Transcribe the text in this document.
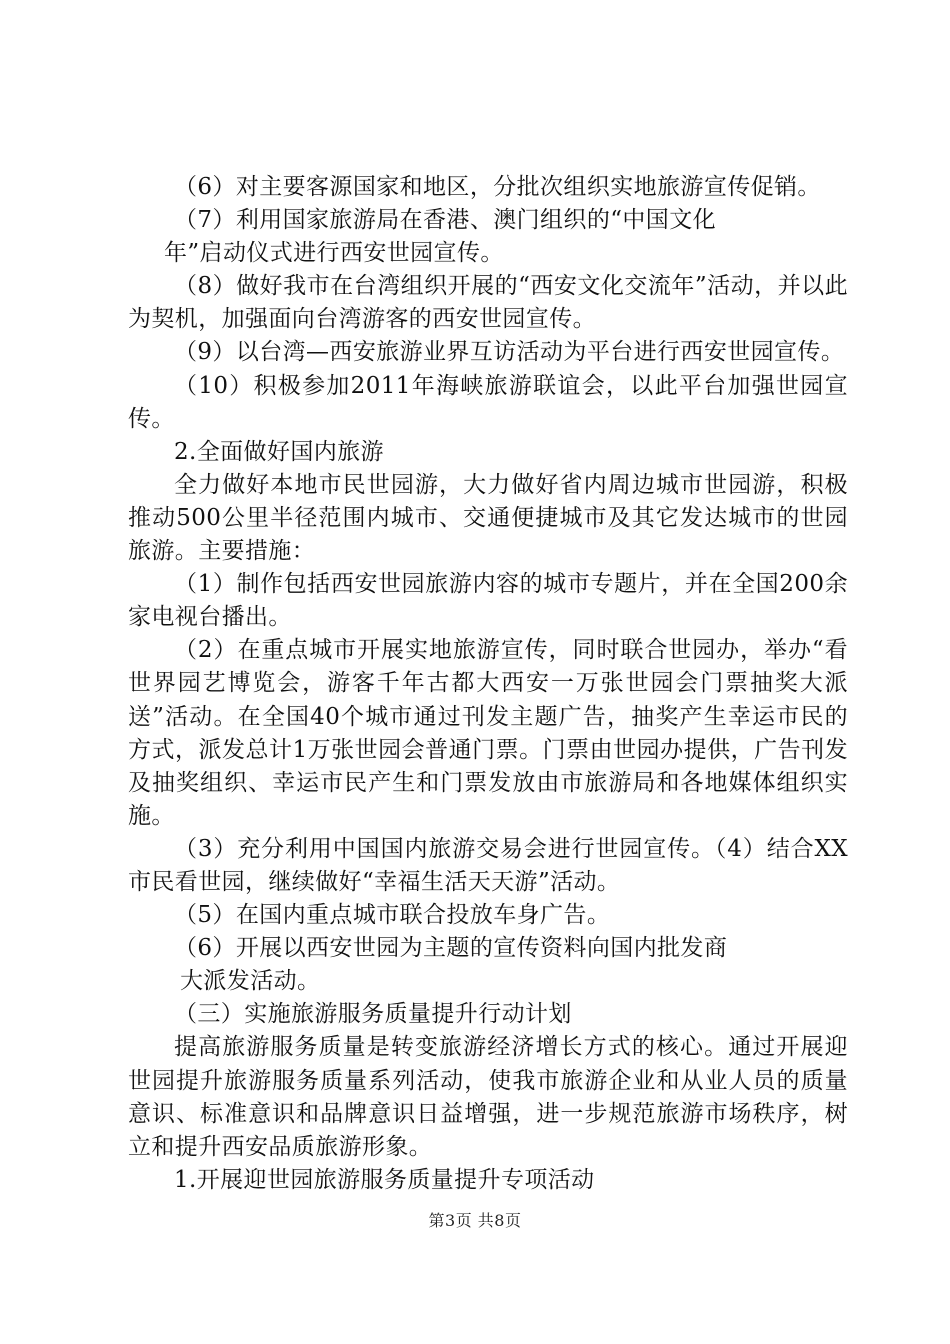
（6）对主要客源国家和地区，分批次组织实地旅游宣传促销。

（7）利用国家旅游局在香港、澳门组织的“中国文化

年”启动仪式进行西安世园宣传。

（8）做好我市在台湾组织开展的“西安文化交流年”活动，并以此为契机，加强面向台湾游客的西安世园宣传。

（9）以台湾—西安旅游业界互访活动为平台进行西安世园宣传。

（10）积极参加2011年海峡旅游联谊会，以此平台加强世园宣传。

2.全面做好国内旅游

全力做好本地市民世园游，大力做好省内周边城市世园游，积极推动500公里半径范围内城市、交通便捷城市及其它发达城市的世园旅游。主要措施：

（1）制作包括西安世园旅游内容的城市专题片，并在全国200余家电视台播出。

（2）在重点城市开展实地旅游宣传，同时联合世园办，举办“看世界园艺博览会，游客千年古都大西安一万张世园会门票抽奖大派送”活动。在全国40个城市通过刊发主题广告，抽奖产生幸运市民的方式，派发总计1万张世园会普通门票。门票由世园办提供，广告刊发及抽奖组织、幸运市民产生和门票发放由市旅游局和各地媒体组织实施。

（3）充分利用中国国内旅游交易会进行世园宣传。（4）结合XX市民看世园，继续做好“幸福生活天天游”活动。

（5）在国内重点城市联合投放车身广告。

（6）开展以西安世园为主题的宣传资料向国内批发商

大派发活动。

（三）实施旅游服务质量提升行动计划

提高旅游服务质量是转变旅游经济增长方式的核心。通过开展迎世园提升旅游服务质量系列活动，使我市旅游企业和从业人员的质量意识、标准意识和品牌意识日益增强，进一步规范旅游市场秩序，树立和提升西安品质旅游形象。

1.开展迎世园旅游服务质量提升专项活动

第3页 共8页
